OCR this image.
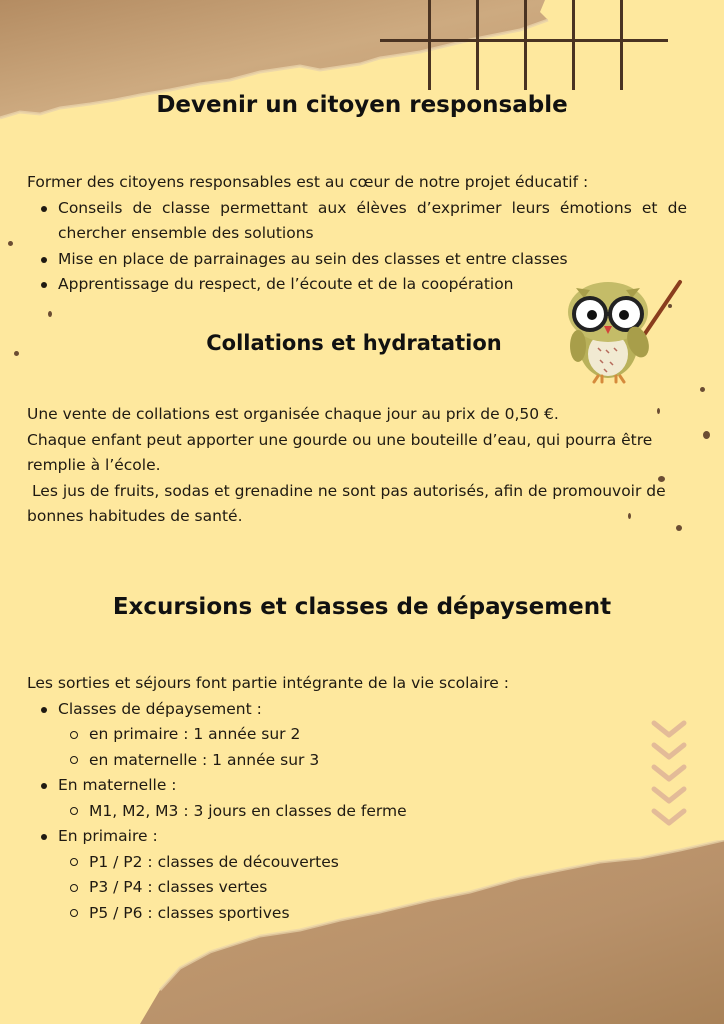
Devenir un citoyen responsable

Former des citoyens responsables est au cœur de notre projet éducatif :

Conseils de classe permettant aux élèves d’exprimer leurs émotions et de chercher ensemble des solutions
Mise en place de parrainages au sein des classes et entre classes
Apprentissage du respect, de l’écoute et de la coopération
Collations et hydratation

Une vente de collations est organisée chaque jour au prix de 0,50 €.

Chaque enfant peut apporter une gourde ou une bouteille d’eau, qui pourra être remplie à l’école.

Les jus de fruits, sodas et grenadine ne sont pas autorisés, afin de promouvoir de bonnes habitudes de santé.

Excursions et classes de dépaysement

Les sorties et séjours font partie intégrante de la vie scolaire :

Classes de dépaysement :
en primaire : 1 année sur 2
en maternelle : 1 année sur 3
En maternelle :
M1, M2, M3 : 3 jours en classes de ferme
En primaire :
P1 / P2 : classes de découvertes
P3 / P4 : classes vertes
P5 / P6 : classes sportives
